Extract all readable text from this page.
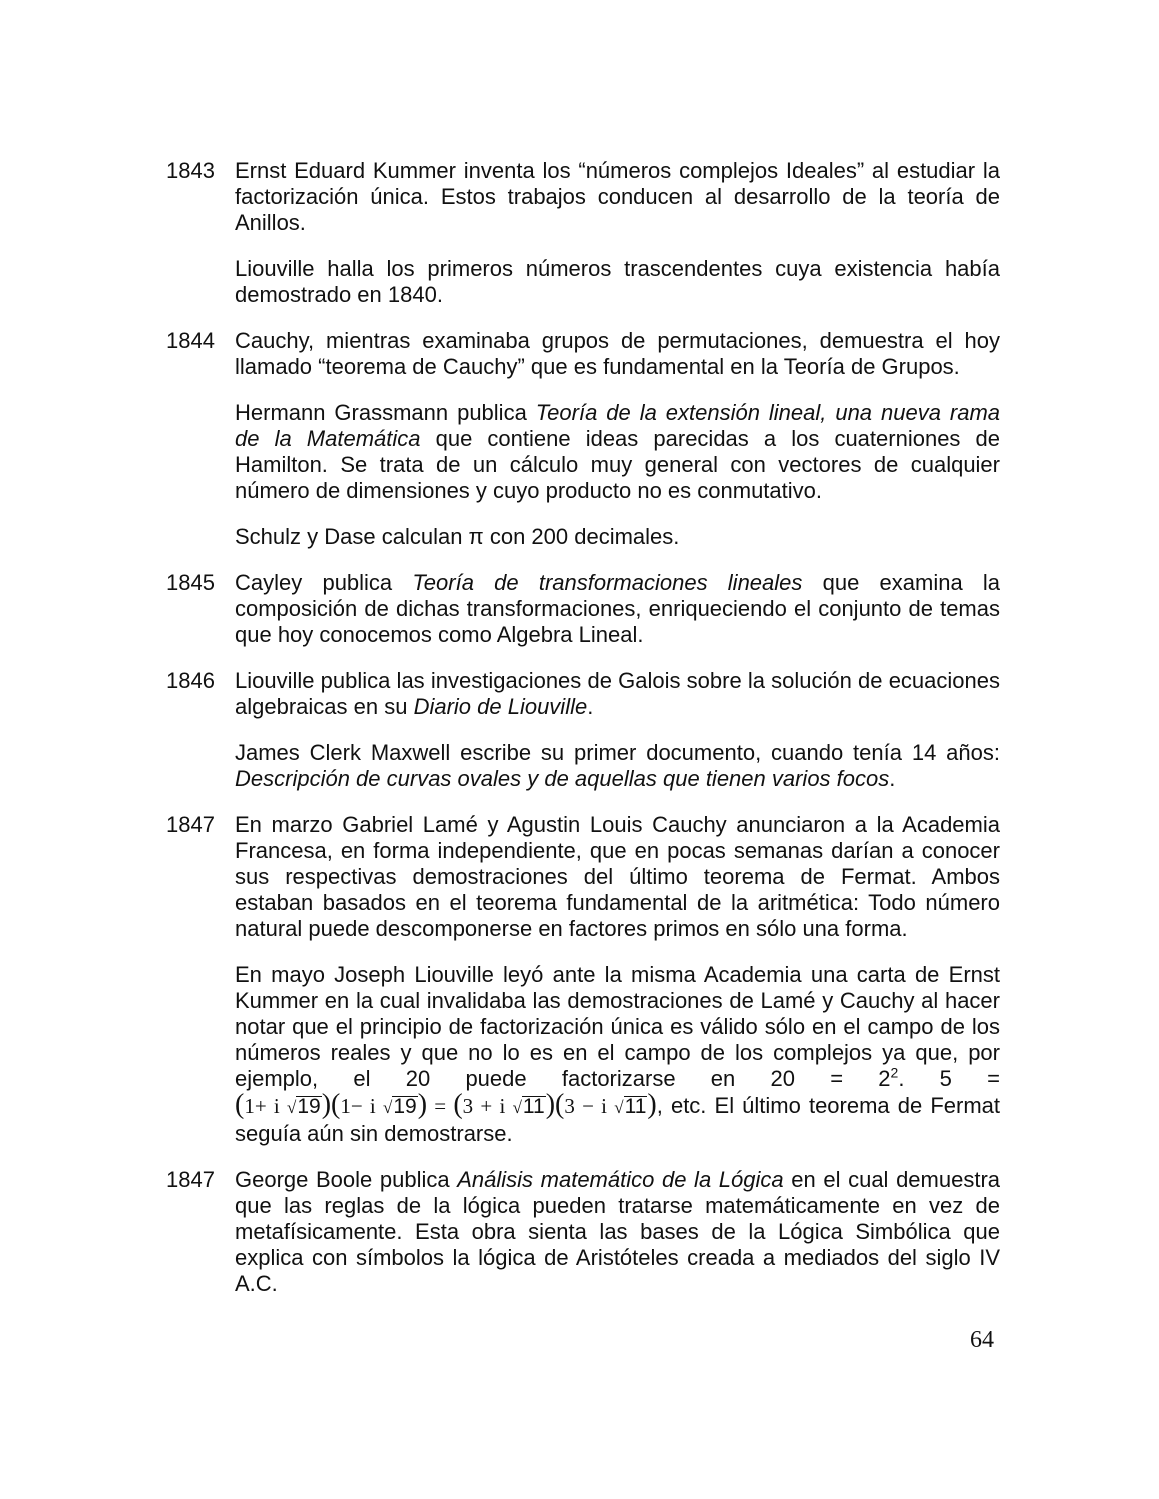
1843 Ernst Eduard Kummer inventa los “números complejos Ideales” al estudiar la factorización única. Estos trabajos conducen al desarrollo de la teoría de Anillos.

Liouville halla los primeros números trascendentes cuya existencia había demostrado en 1840.

1844 Cauchy, mientras examinaba grupos de permutaciones, demuestra el hoy llamado “teorema de Cauchy” que es fundamental en la Teoría de Grupos.

Hermann Grassmann publica Teoría de la extensión lineal, una nueva rama de la Matemática que contiene ideas parecidas a los cuaterniones de Hamilton. Se trata de un cálculo muy general con vectores de cualquier número de dimensiones y cuyo producto no es conmutativo.

Schulz y Dase calculan π con 200 decimales.

1845 Cayley publica Teoría de transformaciones lineales que examina la composición de dichas transformaciones, enriqueciendo el conjunto de temas que hoy conocemos como Algebra Lineal.

1846 Liouville publica las investigaciones de Galois sobre la solución de ecuaciones algebraicas en su Diario de Liouville.

James Clerk Maxwell escribe su primer documento, cuando tenía 14 años: Descripción de curvas ovales y de aquellas que tienen varios focos.

1847 En marzo Gabriel Lamé y Agustin Louis Cauchy anunciaron a la Academia Francesa, en forma independiente, que en pocas semanas darían a conocer sus respectivas demostraciones del último teorema de Fermat. Ambos estaban basados en el teorema fundamental de la aritmética: Todo número natural puede descomponerse en factores primos en sólo una forma.

En mayo Joseph Liouville leyó ante la misma Academia una carta de Ernst Kummer en la cual invalidaba las demostraciones de Lamé y Cauchy al hacer notar que el principio de factorización única es válido sólo en el campo de los números reales y que no lo es en el campo de los complejos ya que, por ejemplo, el 20 puede factorizarse en $20 = 2^2$. 5 = (1+ i √19)(1− i √19) = (3 + i √11)(3 − i √11), etc. El último teorema de Fermat seguía aún sin demostrarse.

1847 George Boole publica Análisis matemático de la Lógica en el cual demuestra que las reglas de la lógica pueden tratarse matemáticamente en vez de metafísicamente. Esta obra sienta las bases de la Lógica Simbólica que explica con símbolos la lógica de Aristóteles creada a mediados del siglo IV A.C.

64
